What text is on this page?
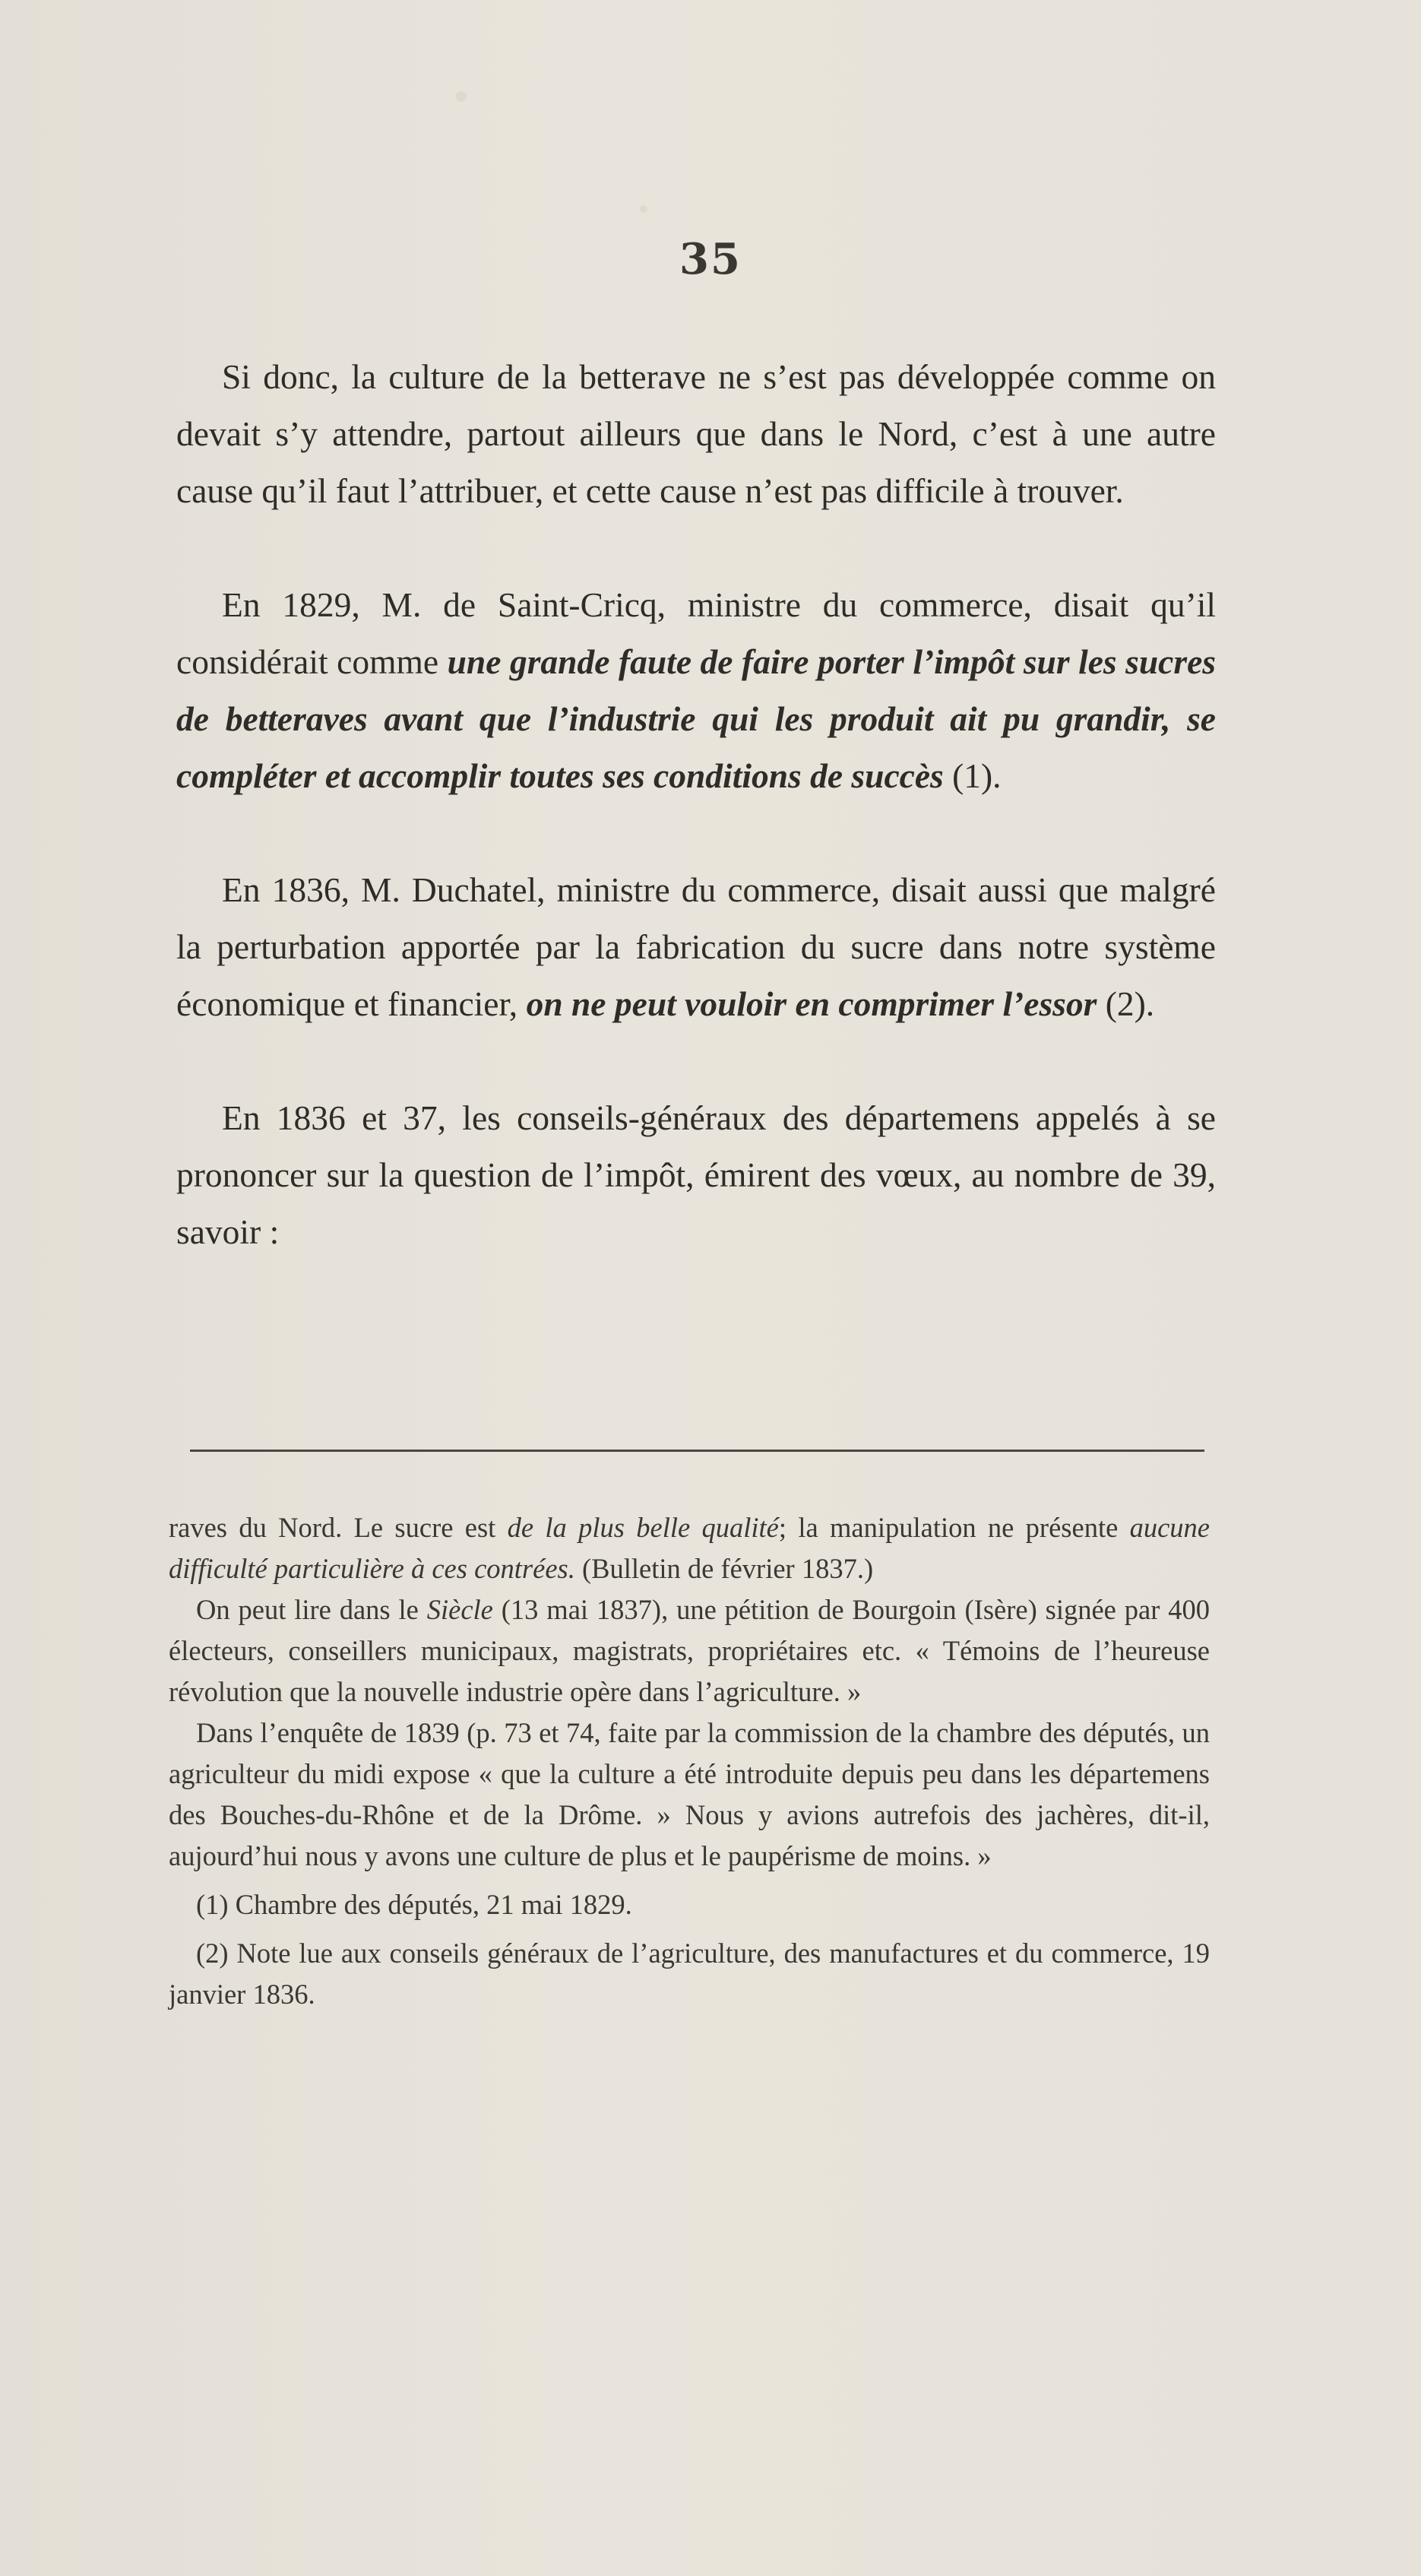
35

Si donc, la culture de la betterave ne s’est pas développée comme on devait s’y attendre, partout ailleurs que dans le Nord, c’est à une autre cause qu’il faut l’attribuer, et cette cause n’est pas difficile à trouver.

En 1829, M. de Saint-Cricq, ministre du commerce, disait qu’il considérait comme une grande faute de faire porter l’impôt sur les sucres de betteraves avant que l’industrie qui les produit ait pu grandir, se compléter et accomplir toutes ses conditions de succès (1).

En 1836, M. Duchatel, ministre du commerce, disait aussi que malgré la perturbation apportée par la fabrication du sucre dans notre système économique et financier, on ne peut vouloir en comprimer l’essor (2).

En 1836 et 37, les conseils-généraux des départemens appelés à se prononcer sur la question de l’impôt, émirent des vœux, au nombre de 39, savoir :

raves du Nord. Le sucre est de la plus belle qualité; la manipulation ne présente aucune difficulté particulière à ces contrées. (Bulletin de février 1837.)

On peut lire dans le Siècle (13 mai 1837), une pétition de Bourgoin (Isère) signée par 400 électeurs, conseillers municipaux, magistrats, propriétaires etc. « Témoins de l’heureuse révolution que la nouvelle industrie opère dans l’agriculture. »

Dans l’enquête de 1839 (p. 73 et 74, faite par la commission de la chambre des députés, un agriculteur du midi expose « que la culture a été introduite depuis peu dans les départemens des Bouches-du-Rhône et de la Drôme. » Nous y avions autrefois des jachères, dit-il, aujourd’hui nous y avons une culture de plus et le paupérisme de moins. »

(1) Chambre des députés, 21 mai 1829.

(2) Note lue aux conseils généraux de l’agriculture, des manufactures et du commerce, 19 janvier 1836.
